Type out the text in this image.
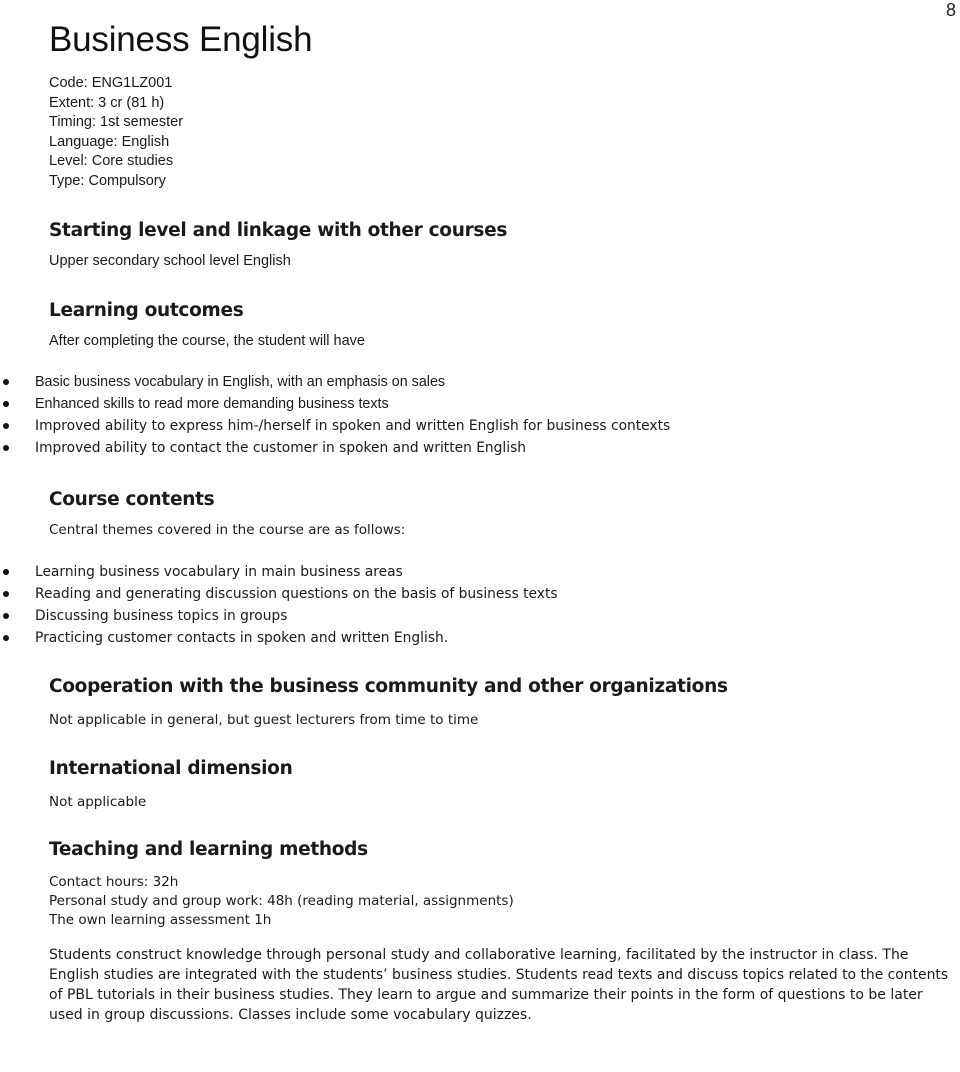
8
Business English
Code: ENG1LZ001
Extent: 3 cr (81 h)
Timing: 1st semester
Language: English
Level: Core studies
Type: Compulsory
Starting level and linkage with other courses
Upper secondary school level English
Learning outcomes
After completing the course, the student will have
Basic business vocabulary in English, with an emphasis on sales
Enhanced skills to read more demanding business texts
Improved ability to express him-/herself in spoken and written English for business contexts
Improved ability to contact the customer in spoken and written English
Course contents
Central themes covered in the course are as follows:
Learning business vocabulary in main business areas
Reading and generating discussion questions on the basis of business texts
Discussing business topics in groups
Practicing customer contacts in spoken and written English.
Cooperation with the business community and other organizations
Not applicable in general, but guest lecturers from time to time
International dimension
Not applicable
Teaching and learning methods
Contact hours: 32h
Personal study and group work: 48h (reading material, assignments)
The own learning assessment 1h
Students construct knowledge through personal study and collaborative learning, facilitated by the instructor in class. The
English studies are integrated with the students’ business studies. Students read texts and discuss topics related to the contents
of PBL tutorials in their business studies. They learn to argue and summarize their points in the form of questions to be later
used in group discussions. Classes include some vocabulary quizzes.
